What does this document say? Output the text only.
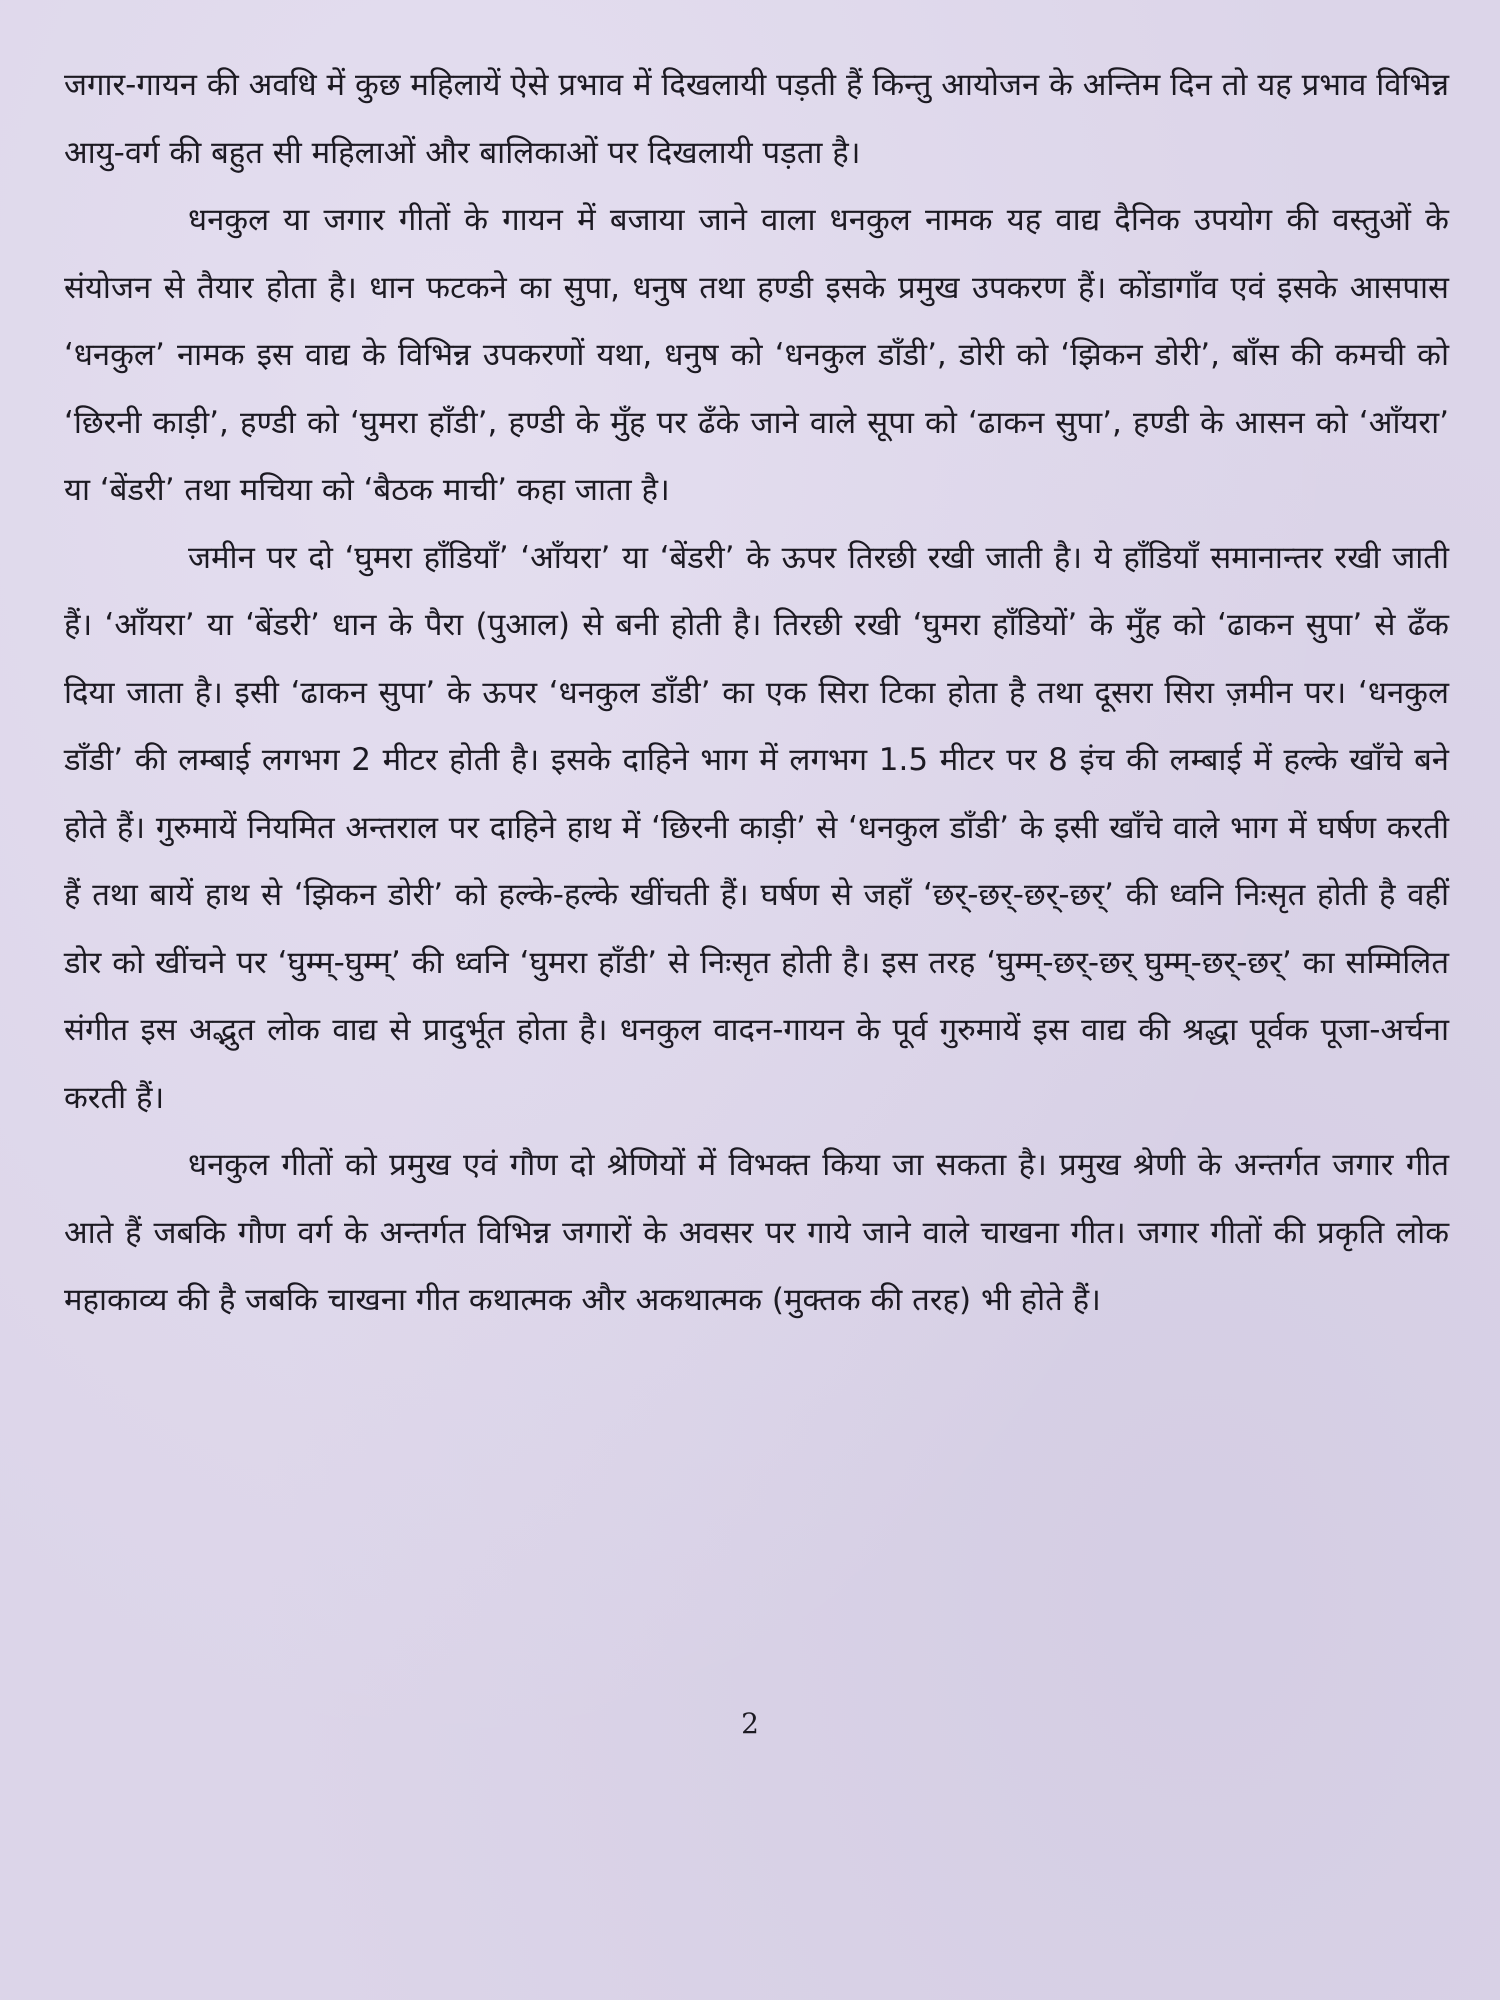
जगार-गायन की अवधि में कुछ महिलायें ऐसे प्रभाव में दिखलायी पड़ती हैं किन्तु आयोजन के अन्तिम दिन तो यह प्रभाव विभिन्न आयु-वर्ग की बहुत सी महिलाओं और बालिकाओं पर दिखलायी पड़ता है।

धनकुल या जगार गीतों के गायन में बजाया जाने वाला धनकुल नामक यह वाद्य दैनिक उपयोग की वस्तुओं के संयोजन से तैयार होता है। धान फटकने का सुपा, धनुष तथा हण्डी इसके प्रमुख उपकरण हैं। कोंडागाँव एवं इसके आसपास ‘धनकुल’ नामक इस वाद्य के विभिन्न उपकरणों यथा, धनुष को ‘धनकुल डाँडी’, डोरी को ‘झिकन डोरी’, बाँस की कमची को ‘छिरनी काड़ी’, हण्डी को ‘घुमरा हाँडी’, हण्डी के मुँह पर ढँके जाने वाले सूपा को ‘ढाकन सुपा’, हण्डी के आसन को ‘आँयरा’ या ‘बेंडरी’ तथा मचिया को ‘बैठक माची’ कहा जाता है।

जमीन पर दो ‘घुमरा हाँडियाँ’ ‘आँयरा’ या ‘बेंडरी’ के ऊपर तिरछी रखी जाती है। ये हाँडियाँ समानान्तर रखी जाती हैं। ‘आँयरा’ या ‘बेंडरी’ धान के पैरा (पुआल) से बनी होती है। तिरछी रखी ‘घुमरा हाँडियों’ के मुँह को ‘ढाकन सुपा’ से ढँक दिया जाता है। इसी ‘ढाकन सुपा’ के ऊपर ‘धनकुल डाँडी’ का एक सिरा टिका होता है तथा दूसरा सिरा ज़मीन पर। ‘धनकुल डाँडी’ की लम्बाई लगभग 2 मीटर होती है। इसके दाहिने भाग में लगभग 1.5 मीटर पर 8 इंच की लम्बाई में हल्के खाँचे बने होते हैं। गुरुमायें नियमित अन्तराल पर दाहिने हाथ में ‘छिरनी काड़ी’ से ‘धनकुल डाँडी’ के इसी खाँचे वाले भाग में घर्षण करती हैं तथा बायें हाथ से ‘झिकन डोरी’ को हल्के-हल्के खींचती हैं। घर्षण से जहाँ ‘छर्-छर्-छर्-छर्’ की ध्वनि निःसृत होती है वहीं डोर को खींचने पर ‘घुम्म्-घुम्म्’ की ध्वनि ‘घुमरा हाँडी’ से निःसृत होती है। इस तरह ‘घुम्म्-छर्-छर् घुम्म्-छर्-छर्’ का सम्मिलित संगीत इस अद्भुत लोक वाद्य से प्रादुर्भूत होता है। धनकुल वादन-गायन के पूर्व गुरुमायें इस वाद्य की श्रद्धा पूर्वक पूजा-अर्चना करती हैं।

धनकुल गीतों को प्रमुख एवं गौण दो श्रेणियों में विभक्त किया जा सकता है। प्रमुख श्रेणी के अन्तर्गत जगार गीत आते हैं जबकि गौण वर्ग के अन्तर्गत विभिन्न जगारों के अवसर पर गाये जाने वाले चाखना गीत। जगार गीतों की प्रकृति लोक महाकाव्य की है जबकि चाखना गीत कथात्मक और अकथात्मक (मुक्तक की तरह) भी होते हैं।

2
